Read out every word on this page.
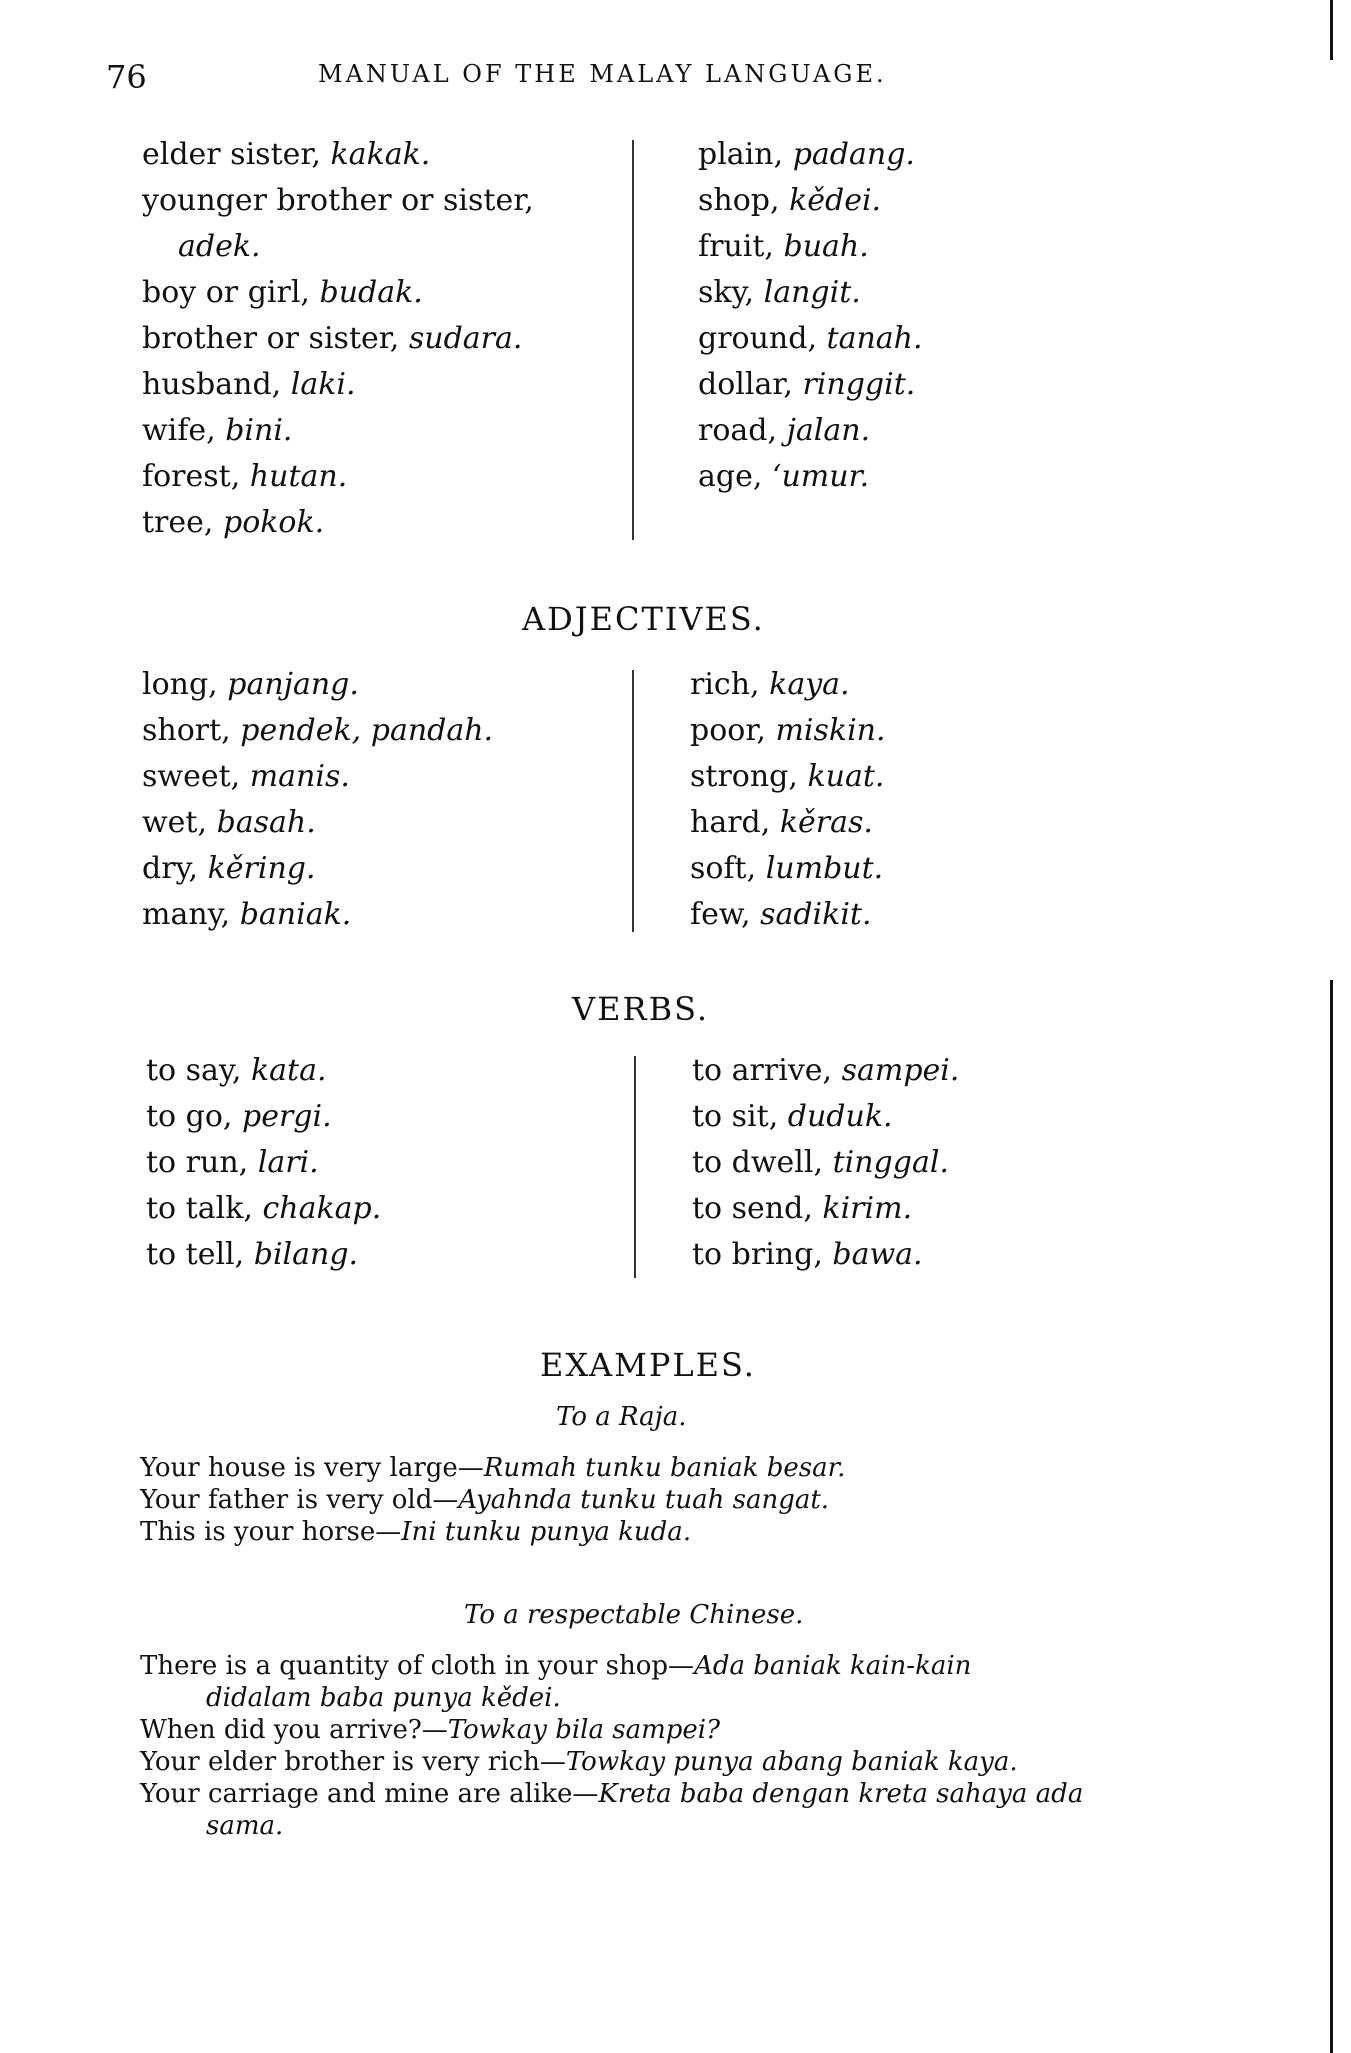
76	MANUAL OF THE MALAY LANGUAGE.
elder sister, kakak.
younger brother or sister,
adek.
boy or girl, budak.
brother or sister, sudara.
husband, laki.
wife, bini.
forest, hutan.
tree, pokok.
plain, padang.
shop, kědei.
fruit, buah.
sky, langit.
ground, tanah.
dollar, ringgit.
road, jalan.
age, ‘umur.
ADJECTIVES.
long, panjang.
short, pendek, pandah.
sweet, manis.
wet, basah.
dry, kěring.
many, baniak.
rich, kaya.
poor, miskin.
strong, kuat.
hard, kěras.
soft, lumbut.
few, sadikit.
VERBS.
to say, kata.
to go, pergi.
to run, lari.
to talk, chakap.
to tell, bilang.
to arrive, sampei.
to sit, duduk.
to dwell, tinggal.
to send, kirim.
to bring, bawa.
EXAMPLES.
To a Raja.
Your house is very large—Rumah tunku baniak besar.
Your father is very old—Ayahnda tunku tuah sangat.
This is your horse—Ini tunku punya kuda.
To a respectable Chinese.
There is a quantity of cloth in your shop—Ada baniak kain-kain
didalam baba punya kědei.
When did you arrive?—Towkay bila sampei?
Your elder brother is very rich—Towkay punya abang baniak kaya.
Your carriage and mine are alike—Kreta baba dengan kreta sahaya ada
sama.
